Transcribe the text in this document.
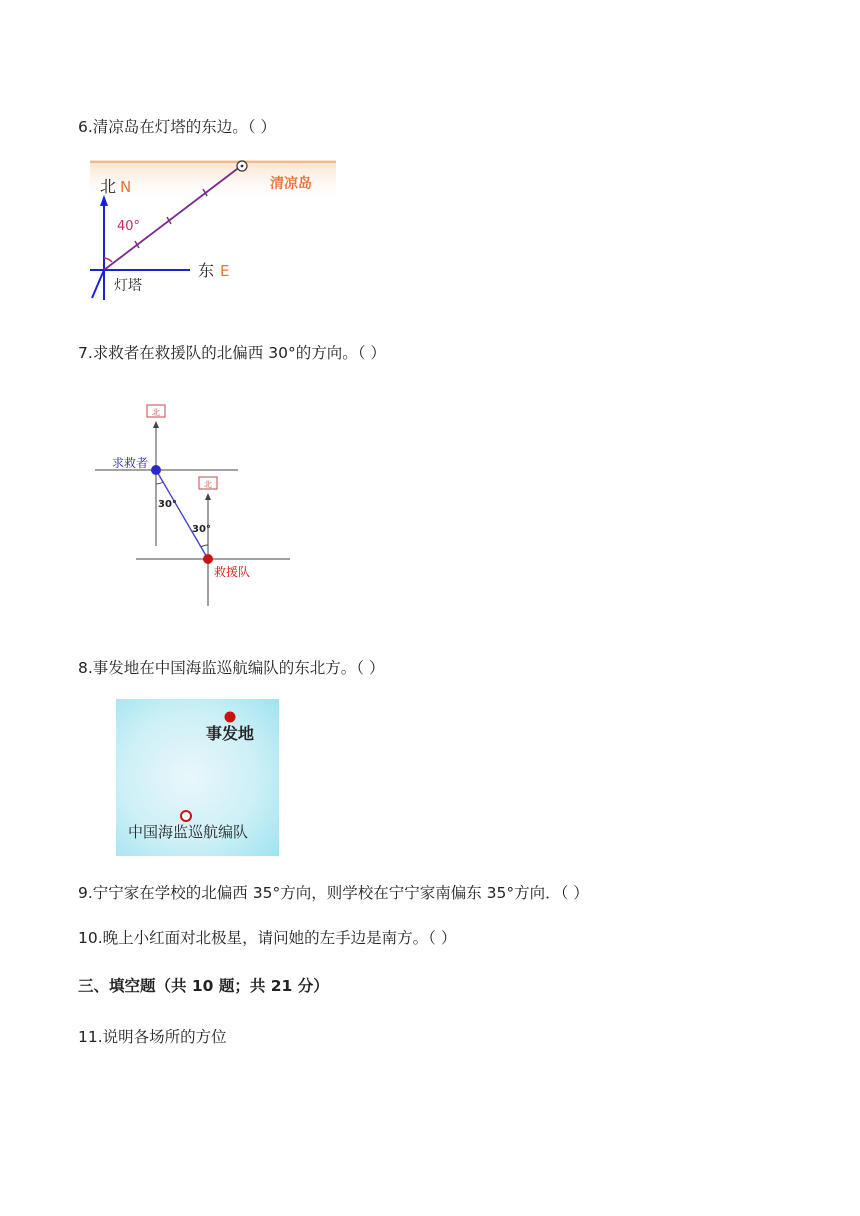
6.清凉岛在灯塔的东边。（ ）
北 N
40°
东 E
灯塔
清凉岛
7.求救者在救援队的北偏西 30°的方向。（ ）
北
北
30°
30°
求救者
救援队
8.事发地在中国海监巡航编队的东北方。（ ）
事发地
中国海监巡航编队
9.宁宁家在学校的北偏西 35°方向，则学校在宁宁家南偏东 35°方向．（ ）
10.晚上小红面对北极星，请问她的左手边是南方。（ ）
三、填空题（共 10 题；共 21 分）
11.说明各场所的方位
